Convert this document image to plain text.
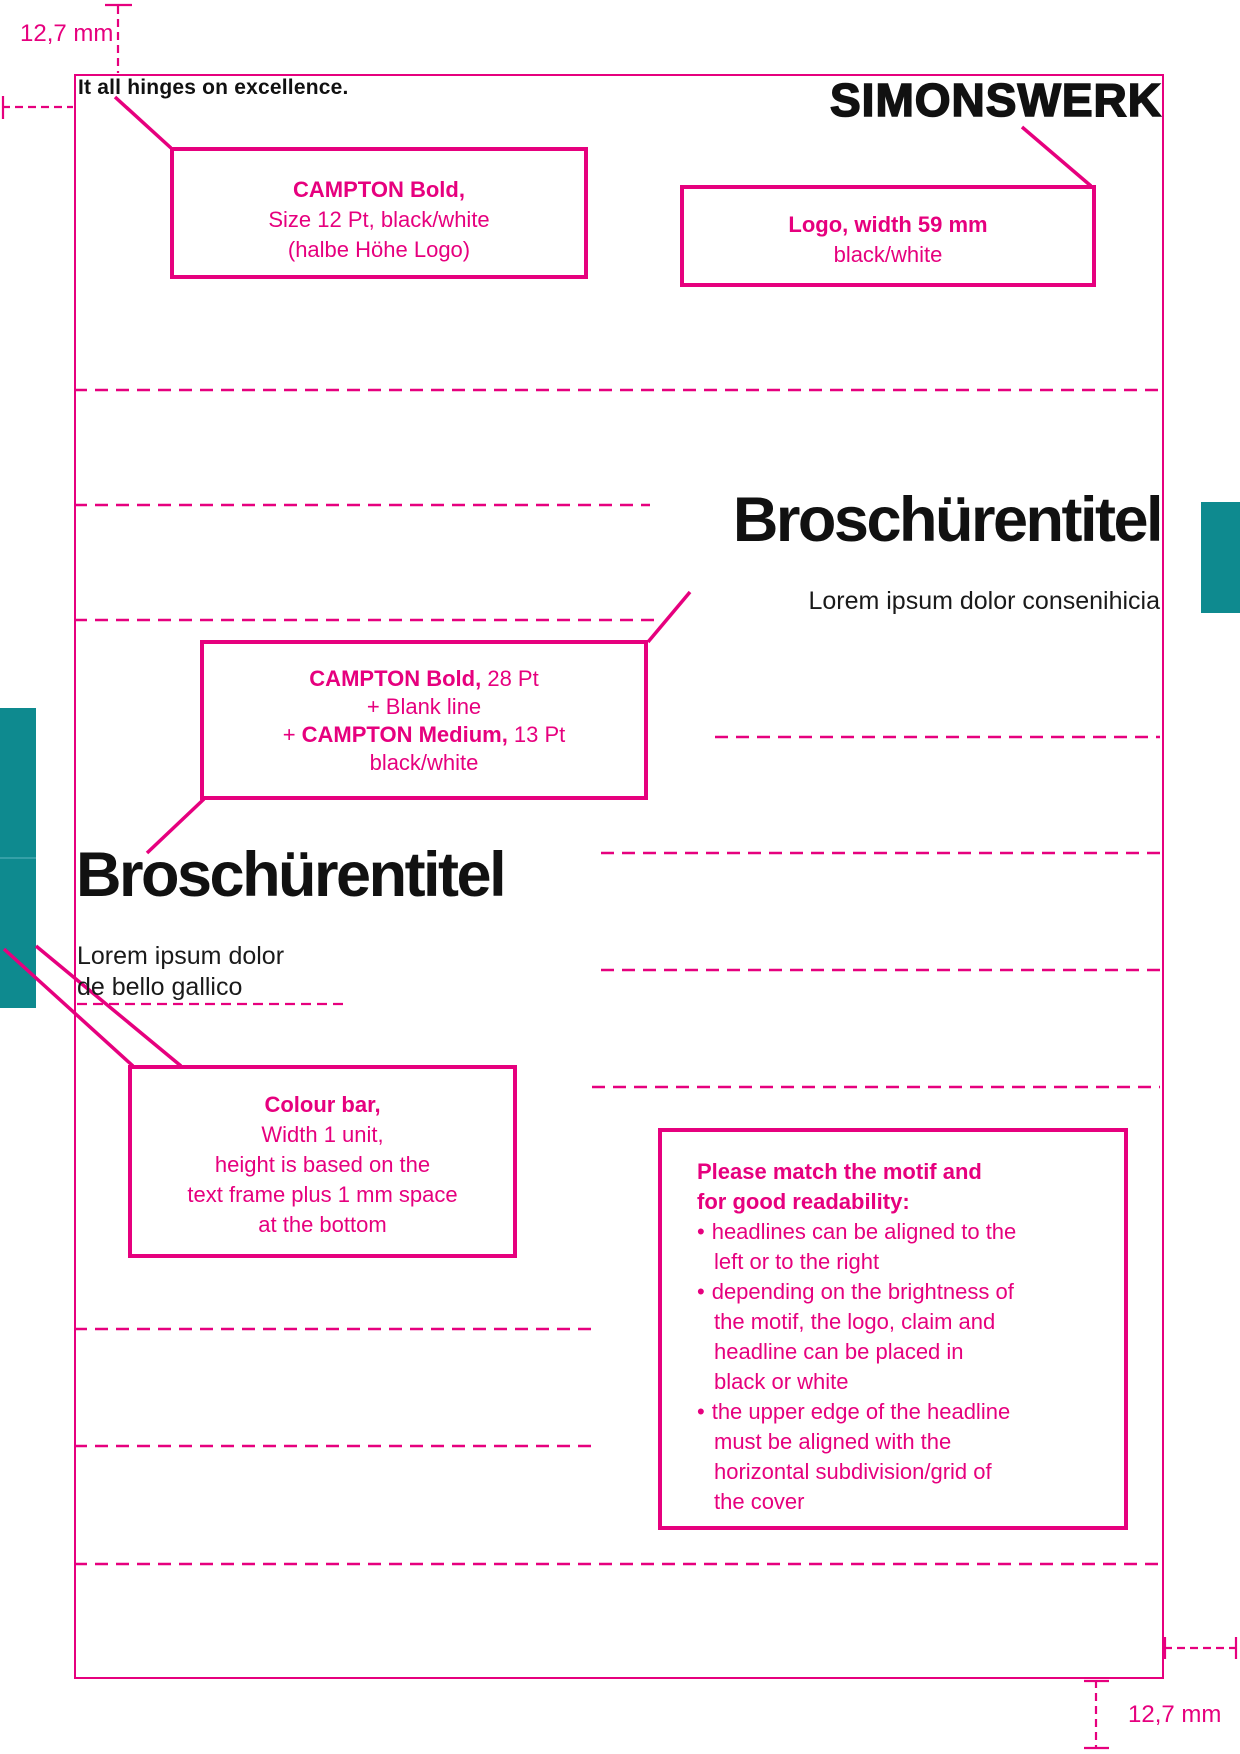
12,7 mm
12,7 mm
It all hinges on excellence.	SIMONSWERK
Broschürentitel
Lorem ipsum dolor consenihicia
Broschürentitel
Lorem ipsum dolor
de bello gallico
CAMPTON Bold,
Size 12 Pt, black/white
(halbe Höhe Logo)
Logo, width 59 mm
black/white
CAMPTON Bold, 28 Pt
+ Blank line
+ CAMPTON Medium, 13 Pt
black/white
Colour bar,
Width 1 unit,
height is based on the
text frame plus 1 mm space
at the bottom
Please match the motif and
for good readability:
• headlines can be aligned to the
left or to the right
• depending on the brightness of
the motif, the logo, claim and
headline can be placed in
black or white
• the upper edge of the headline
must be aligned with the
horizontal subdivision/grid of
the cover
